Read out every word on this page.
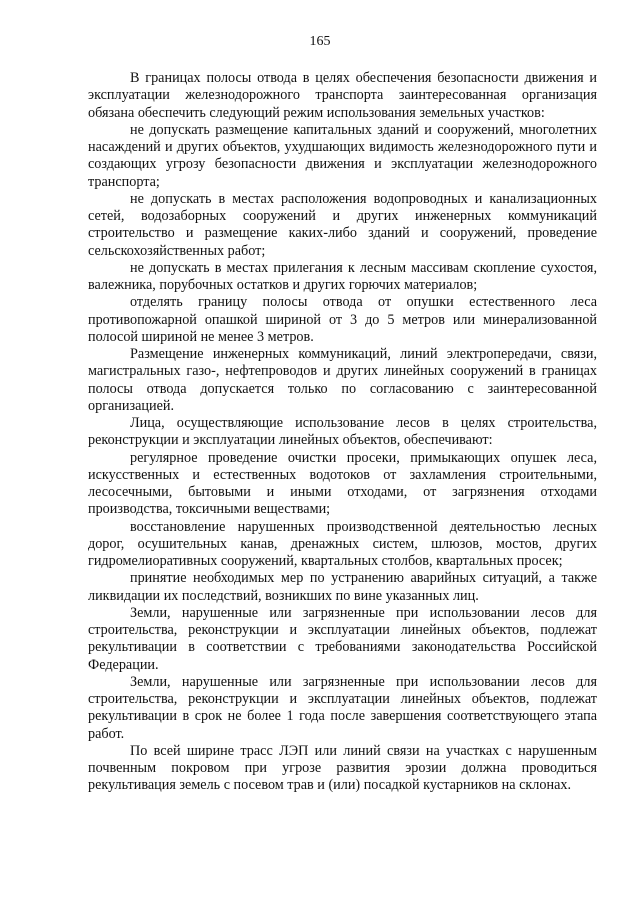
165

В границах полосы отвода в целях обеспечения безопасности движения и эксплуатации железнодорожного транспорта заинтересованная организация обязана обеспечить следующий режим использования земельных участков:

не допускать размещение капитальных зданий и сооружений, многолетних насаждений и других объектов, ухудшающих видимость железнодорожного пути и создающих угрозу безопасности движения и эксплуатации железнодорожного транспорта;

не допускать в местах расположения водопроводных и канализационных сетей, водозаборных сооружений и других инженерных коммуникаций строительство и размещение каких-либо зданий и сооружений, проведение сельскохозяйственных работ;

не допускать в местах прилегания к лесным массивам скопление сухостоя, валежника, порубочных остатков и других горючих материалов;

отделять границу полосы отвода от опушки естественного леса противопожарной опашкой шириной от 3 до 5 метров или минерализованной полосой шириной не менее 3 метров.

Размещение инженерных коммуникаций, линий электропередачи, связи, магистральных газо-, нефтепроводов и других линейных сооружений в границах полосы отвода допускается только по согласованию с заинтересованной организацией.

Лица, осуществляющие использование лесов в целях строительства, реконструкции и эксплуатации линейных объектов, обеспечивают:

регулярное проведение очистки просеки, примыкающих опушек леса, искусственных и естественных водотоков от захламления строительными, лесосечными, бытовыми и иными отходами, от загрязнения отходами производства, токсичными веществами;

восстановление нарушенных производственной деятельностью лесных дорог, осушительных канав, дренажных систем, шлюзов, мостов, других гидромелиоративных сооружений, квартальных столбов, квартальных просек;

принятие необходимых мер по устранению аварийных ситуаций, а также ликвидации их последствий, возникших по вине указанных лиц.

Земли, нарушенные или загрязненные при использовании лесов для строительства, реконструкции и эксплуатации линейных объектов, подлежат рекультивации в соответствии с требованиями законодательства Российской Федерации.

Земли, нарушенные или загрязненные при использовании лесов для строительства, реконструкции и эксплуатации линейных объектов, подлежат рекультивации в срок не более 1 года после завершения соответствующего этапа работ.

По всей ширине трасс ЛЭП или линий связи на участках с нарушенным почвенным покровом при угрозе развития эрозии должна проводиться рекультивация земель с посевом трав и (или) посадкой кустарников на склонах.
